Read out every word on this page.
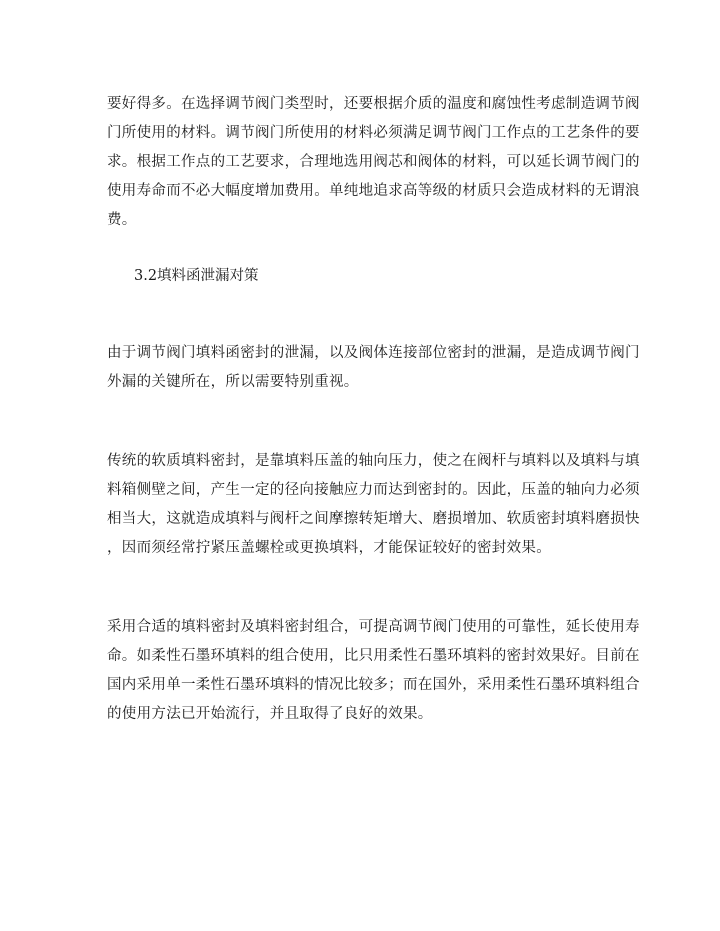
要好得多。在选择调节阀门类型时，还要根据介质的温度和腐蚀性考虑制造调节阀
门所使用的材料。调节阀门所使用的材料必须满足调节阀门工作点的工艺条件的要
求。根据工作点的工艺要求，合理地选用阀芯和阀体的材料，可以延长调节阀门的
使用寿命而不必大幅度增加费用。单纯地追求高等级的材质只会造成材料的无谓浪
费。
3.2填料函泄漏对策
由于调节阀门填料函密封的泄漏，以及阀体连接部位密封的泄漏，是造成调节阀门
外漏的关键所在，所以需要特别重视。
传统的软质填料密封，是靠填料压盖的轴向压力，使之在阀杆与填料以及填料与填
料箱侧壁之间，产生一定的径向接触应力而达到密封的。因此，压盖的轴向力必须
相当大，这就造成填料与阀杆之间摩擦转矩增大、磨损增加、软质密封填料磨损快
，因而须经常拧紧压盖螺栓或更换填料，才能保证较好的密封效果。
采用合适的填料密封及填料密封组合，可提高调节阀门使用的可靠性，延长使用寿
命。如柔性石墨环填料的组合使用，比只用柔性石墨环填料的密封效果好。目前在
国内采用单一柔性石墨环填料的情况比较多；而在国外，采用柔性石墨环填料组合
的使用方法已开始流行，并且取得了良好的效果。
